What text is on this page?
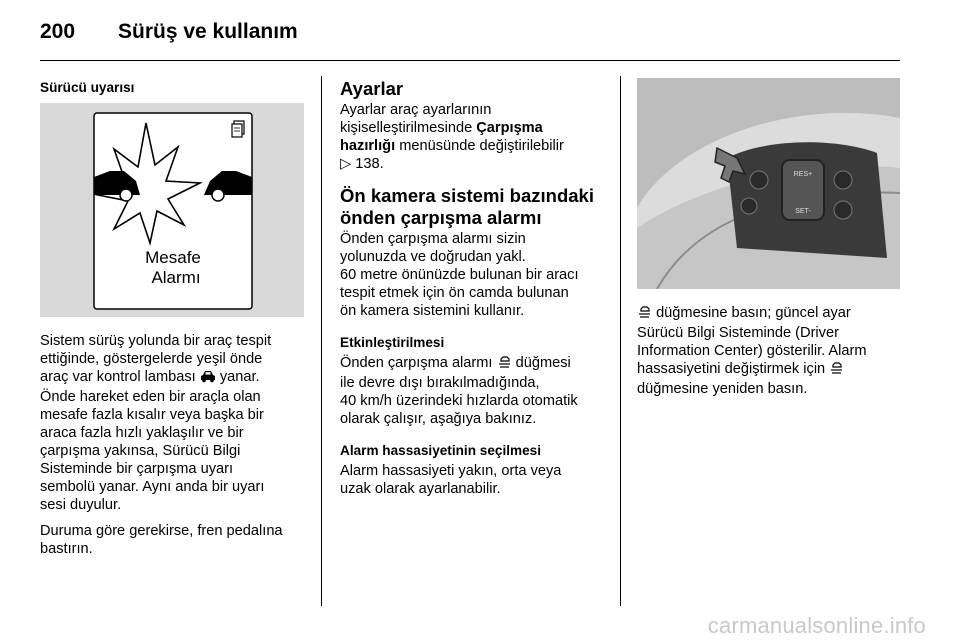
200 Sürüş ve kullanım
Sürücü uyarısı
Mesafe
Alarmı

Sistem sürüş yolunda bir araç tespit
ettiğinde, göstergelerde yeşil önde
araç var kontrol lambası yanar.
Önde hareket eden bir araçla olan
mesafe fazla kısalır veya başka bir
araca fazla hızlı yaklaşılır ve bir
çarpışma yakınsa, Sürücü Bilgi
Sisteminde bir çarpışma uyarı
sembolü yanar. Aynı anda bir uyarı
sesi duyulur.

Duruma göre gerekirse, fren pedalına
bastırın.

Ayarlar

Ayarlar araç ayarlarının
kişiselleştirilmesinde Çarpışma
hazırlığı menüsünde değiştirilebilir
▷ 138.

Ön kamera sistemi bazındaki
önden çarpışma alarmı

Önden çarpışma alarmı sizin
yolunuzda ve doğrudan yakl.
60 metre önünüzde bulunan bir aracı
tespit etmek için ön camda bulunan
ön kamera sistemini kullanır.

Etkinleştirilmesi

Önden çarpışma alarmı düğmesi
ile devre dışı bırakılmadığında,
40 km/h üzerindeki hızlarda otomatik
olarak çalışır, aşağıya bakınız.

Alarm hassasiyetinin seçilmesi

Alarm hassasiyeti yakın, orta veya
uzak olarak ayarlanabilir.

RES+
SET-

düğmesine basın; güncel ayar
Sürücü Bilgi Sisteminde (Driver
Information Center) gösterilir. Alarm
hassasiyetini değiştirmek için
düğmesine yeniden basın.

carmanualsonline.info
